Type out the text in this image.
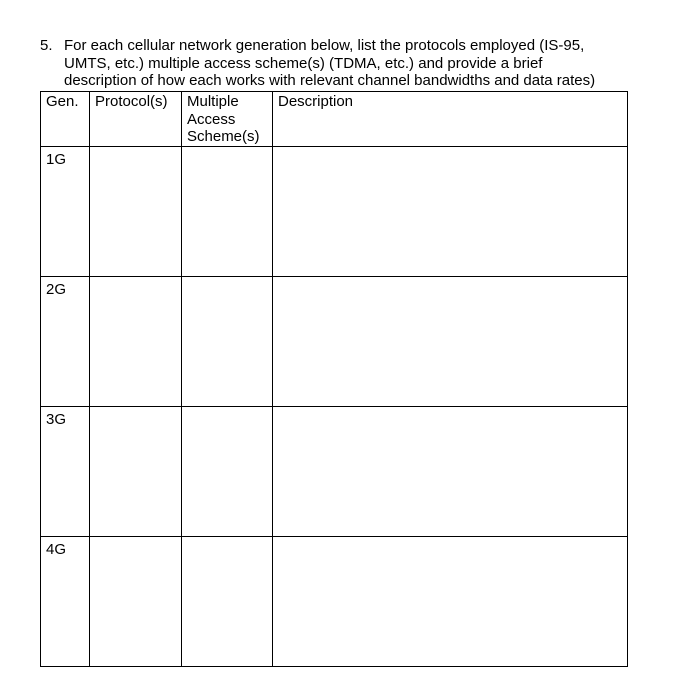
5. For each cellular network generation below, list the protocols employed (IS-95,
UMTS, etc.) multiple access scheme(s) (TDMA, etc.) and provide a brief
description of how each works with relevant channel bandwidths and data rates)
Gen.	Protocol(s)	Multiple
Access
Scheme(s)	Description
1G			
2G			
3G			
4G			
